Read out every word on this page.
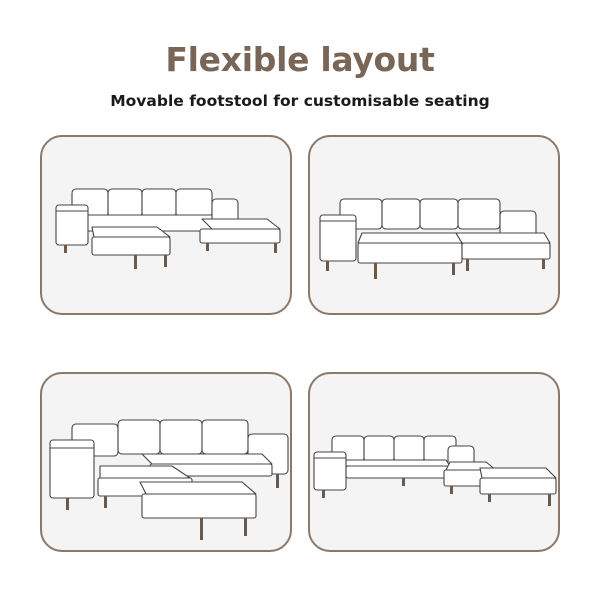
Flexible layout
Movable footstool for customisable seating
